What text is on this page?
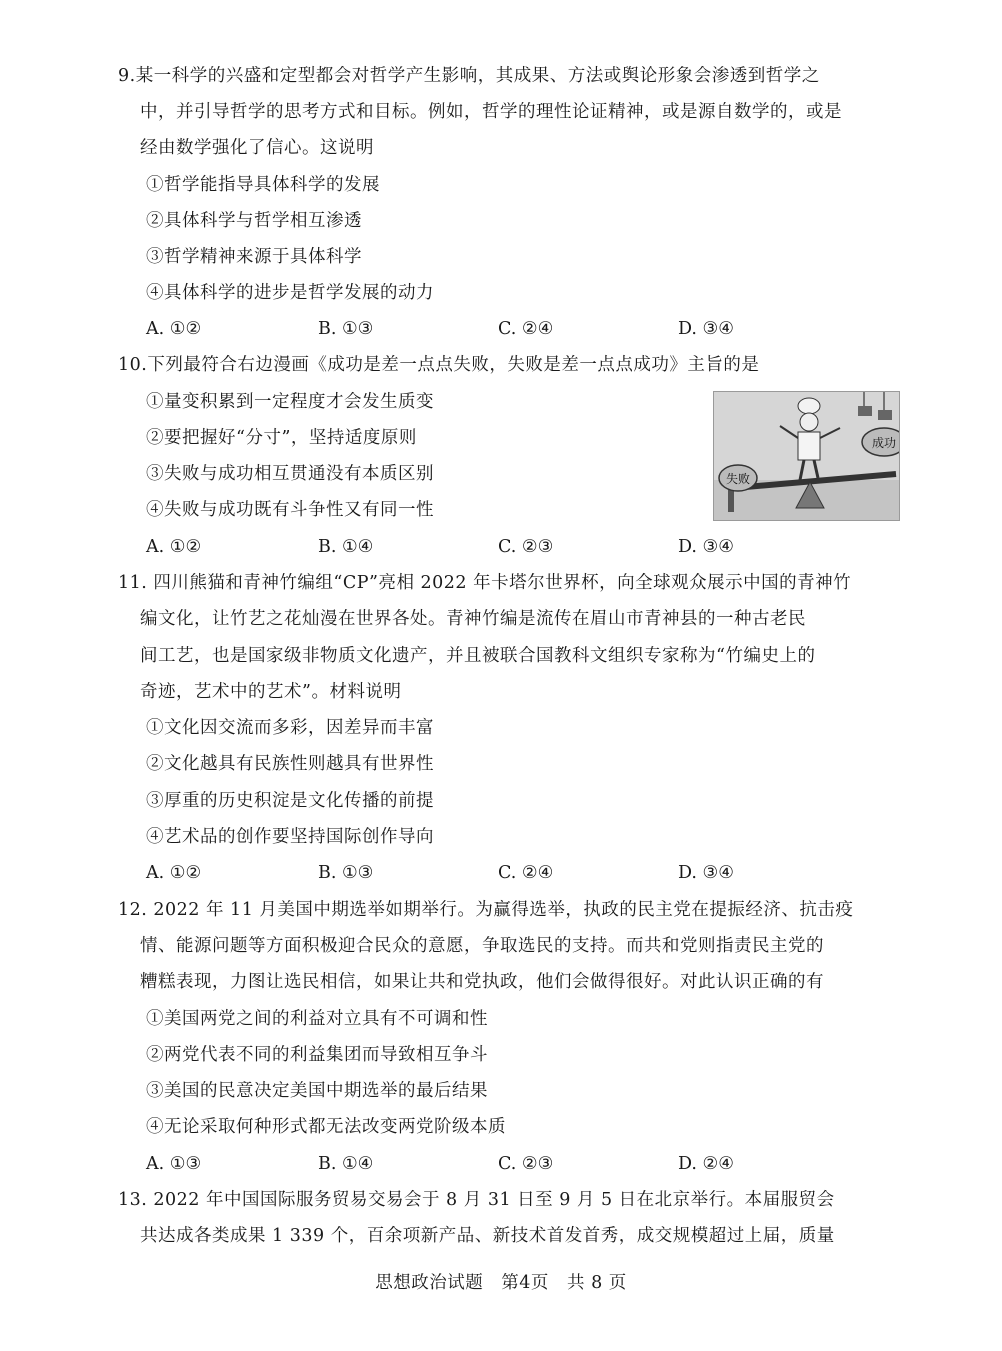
9.某一科学的兴盛和定型都会对哲学产生影响，其成果、方法或舆论形象会渗透到哲学之
中，并引导哲学的思考方式和目标。例如，哲学的理性论证精神，或是源自数学的，或是
经由数学强化了信心。这说明
①哲学能指导具体科学的发展
②具体科学与哲学相互渗透
③哲学精神来源于具体科学
④具体科学的进步是哲学发展的动力
A. ①②	B. ①③	C. ②④	D. ③④
10.下列最符合右边漫画《成功是差一点点失败，失败是差一点点成功》主旨的是
①量变积累到一定程度才会发生质变
②要把握好“分寸”，坚持适度原则
③失败与成功相互贯通没有本质区别
④失败与成功既有斗争性又有同一性
A. ①②	B. ①④	C. ②③	D. ③④
失败
成功
11. 四川熊猫和青神竹编组“CP”亮相 2022 年卡塔尔世界杯，向全球观众展示中国的青神竹
编文化，让竹艺之花灿漫在世界各处。青神竹编是流传在眉山市青神县的一种古老民
间工艺，也是国家级非物质文化遗产，并且被联合国教科文组织专家称为“竹编史上的
奇迹，艺术中的艺术”。材料说明
①文化因交流而多彩，因差异而丰富
②文化越具有民族性则越具有世界性
③厚重的历史积淀是文化传播的前提
④艺术品的创作要坚持国际创作导向
A. ①②	B. ①③	C. ②④	D. ③④
12. 2022 年 11 月美国中期选举如期举行。为赢得选举，执政的民主党在提振经济、抗击疫
情、能源问题等方面积极迎合民众的意愿，争取选民的支持。而共和党则指责民主党的
糟糕表现，力图让选民相信，如果让共和党执政，他们会做得很好。对此认识正确的有
①美国两党之间的利益对立具有不可调和性
②两党代表不同的利益集团而导致相互争斗
③美国的民意决定美国中期选举的最后结果
④无论采取何种形式都无法改变两党阶级本质
A. ①③	B. ①④	C. ②③	D. ②④
13. 2022 年中国国际服务贸易交易会于 8 月 31 日至 9 月 5 日在北京举行。本届服贸会
共达成各类成果 1 339 个，百余项新产品、新技术首发首秀，成交规模超过上届，质量
思想政治试题 第4页 共 8 页
